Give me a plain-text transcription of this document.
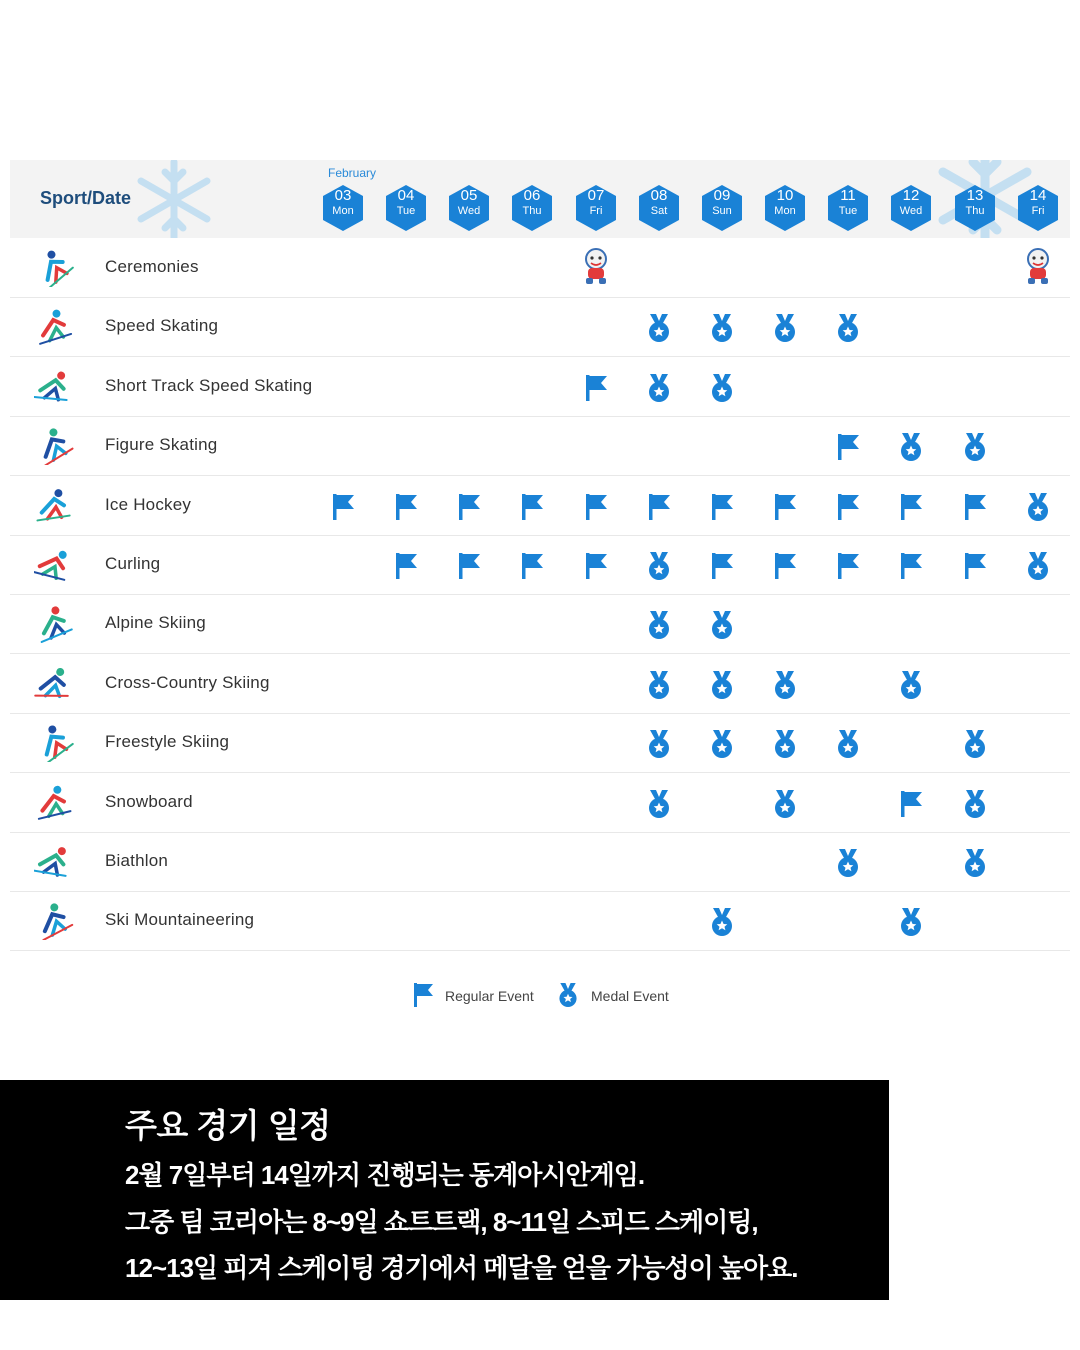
Sport/Date
February
03
Mon
04
Tue
05
Wed
06
Thu
07
Fri
08
Sat
09
Sun
10
Mon
11
Tue
12
Wed
13
Thu
14
Fri
Ceremonies
Speed Skating
Short Track Speed Skating
Figure Skating
Ice Hockey
Curling
Alpine Skiing
Cross-Country Skiing
Freestyle Skiing
Snowboard
Biathlon
Ski Mountaineering
Regular Event	Medal Event
주요 경기 일정
2월 7일부터 14일까지 진행되는 동계아시안게임.
그중 팀 코리아는 8~9일 쇼트트랙, 8~11일 스피드 스케이팅,
12~13일 피겨 스케이팅 경기에서 메달을 얻을 가능성이 높아요.
